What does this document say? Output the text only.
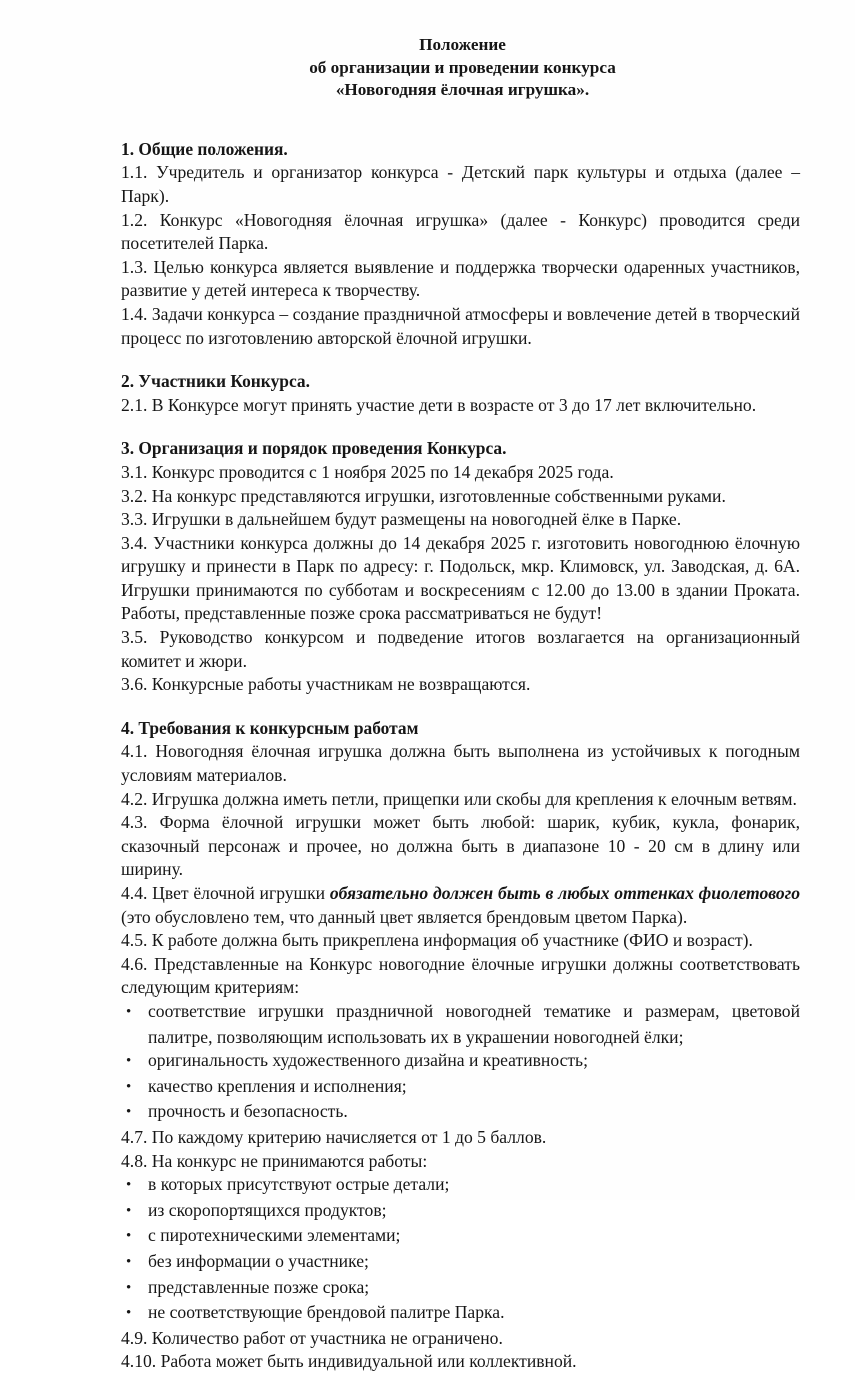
Положение
об организации и проведении конкурса
«Новогодняя ёлочная игрушка».

1. Общие положения.

1.1. Учредитель и организатор конкурса - Детский парк культуры и отдыха (далее – Парк).

1.2. Конкурс «Новогодняя ёлочная игрушка» (далее - Конкурс) проводится среди посетителей Парка.

1.3. Целью конкурса является выявление и поддержка творчески одаренных участников, развитие у детей интереса к творчеству.

1.4. Задачи конкурса – создание праздничной атмосферы и вовлечение детей в творческий процесс по изготовлению авторской ёлочной игрушки.

2. Участники Конкурса.

2.1. В Конкурсе могут принять участие дети в возрасте от 3 до 17 лет включительно.

3. Организация и порядок проведения Конкурса.

3.1. Конкурс проводится с 1 ноября 2025 по 14 декабря 2025 года.

3.2. На конкурс представляются игрушки, изготовленные собственными руками.

3.3. Игрушки в дальнейшем будут размещены на новогодней ёлке в Парке.

3.4. Участники конкурса должны до 14 декабря 2025 г. изготовить новогоднюю ёлочную игрушку и принести в Парк по адресу: г. Подольск, мкр. Климовск, ул. Заводская, д. 6А. Игрушки принимаются по субботам и воскресениям с 12.00 до 13.00 в здании Проката. Работы, представленные позже срока рассматриваться не будут!

3.5. Руководство конкурсом и подведение итогов возлагается на организационный комитет и жюри.

3.6. Конкурсные работы участникам не возвращаются.

4. Требования к конкурсным работам

4.1. Новогодняя ёлочная игрушка должна быть выполнена из устойчивых к погодным условиям материалов.

4.2. Игрушка должна иметь петли, прищепки или скобы для крепления к елочным ветвям.

4.3. Форма ёлочной игрушки может быть любой: шарик, кубик, кукла, фонарик, сказочный персонаж и прочее, но должна быть в диапазоне 10 - 20 см в длину или ширину.

4.4. Цвет ёлочной игрушки обязательно должен быть в любых оттенках фиолетового (это обусловлено тем, что данный цвет является брендовым цветом Парка).

4.5. К работе должна быть прикреплена информация об участнике (ФИО и возраст).

4.6. Представленные на Конкурс новогодние ёлочные игрушки должны соответствовать следующим критериям:

•соответствие игрушки праздничной новогодней тематике и размерам, цветовой палитре, позволяющим использовать их в украшении новогодней ёлки;
•оригинальность художественного дизайна и креативность;
•качество крепления и исполнения;
•прочность и безопасность.

4.7. По каждому критерию начисляется от 1 до 5 баллов.

4.8. На конкурс не принимаются работы:

•в которых присутствуют острые детали;
•из скоропортящихся продуктов;
•с пиротехническими элементами;
•без информации о участнике;
•представленные позже срока;
•не соответствующие брендовой палитре Парка.

4.9. Количество работ от участника не ограничено.

4.10. Работа может быть индивидуальной или коллективной.
